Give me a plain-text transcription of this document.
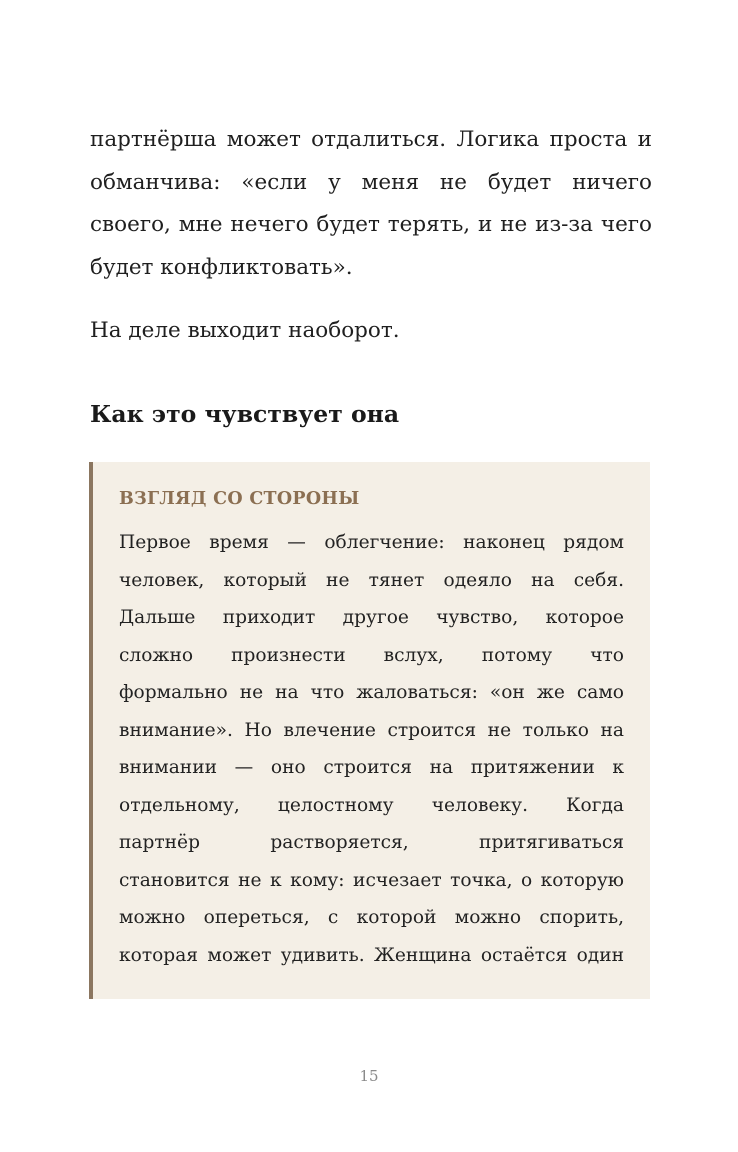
партнёрша может отдалиться. Логика проста и
обманчива: «если у меня не будет ничего
своего, мне нечего будет терять, и не из-за чего
будет конфликтовать».
На деле выходит наоборот.
Как это чувствует она
ВЗГЛЯД СО СТОРОНЫ
Первое время — облегчение: наконец рядом
человек, который не тянет одеяло на себя.
Дальше приходит другое чувство, которое
сложно произнести вслух, потому что
формально не на что жаловаться: «он же само
внимание». Но влечение строится не только на
внимании — оно строится на притяжении к
отдельному, целостному человеку. Когда
партнёр растворяется, притягиваться
становится не к кому: исчезает точка, о которую
можно опереться, с которой можно спорить,
которая может удивить. Женщина остаётся один
15
